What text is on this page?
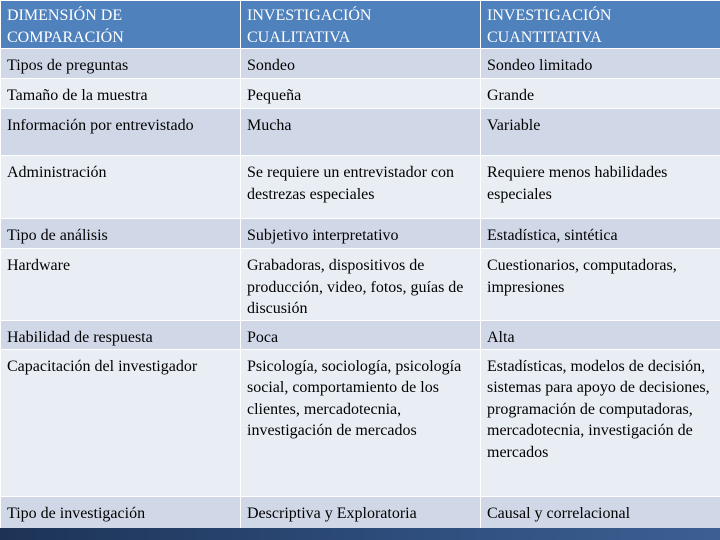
DIMENSIÓN DE COMPARACIÓN	INVESTIGACIÓN CUALITATIVA	INVESTIGACIÓN CUANTITATIVA
Tipos de preguntas	Sondeo	Sondeo limitado
Tamaño de la muestra	Pequeña	Grande
Información por entrevistado	Mucha	Variable
Administración	Se requiere un entrevistador con destrezas especiales	Requiere menos habilidades especiales
Tipo de análisis	Subjetivo interpretativo	Estadística, sintética
Hardware	Grabadoras, dispositivos de producción, video, fotos, guías de discusión	Cuestionarios, computadoras, impresiones
Habilidad de respuesta	Poca	Alta
Capacitación del investigador	Psicología, sociología, psicología social, comportamiento de los clientes, mercadotecnia, investigación de mercados	Estadísticas, modelos de decisión, sistemas para apoyo de decisiones, programación de computadoras, mercadotecnia, investigación de mercados
Tipo de investigación	Descriptiva y Exploratoria	Causal y correlacional
